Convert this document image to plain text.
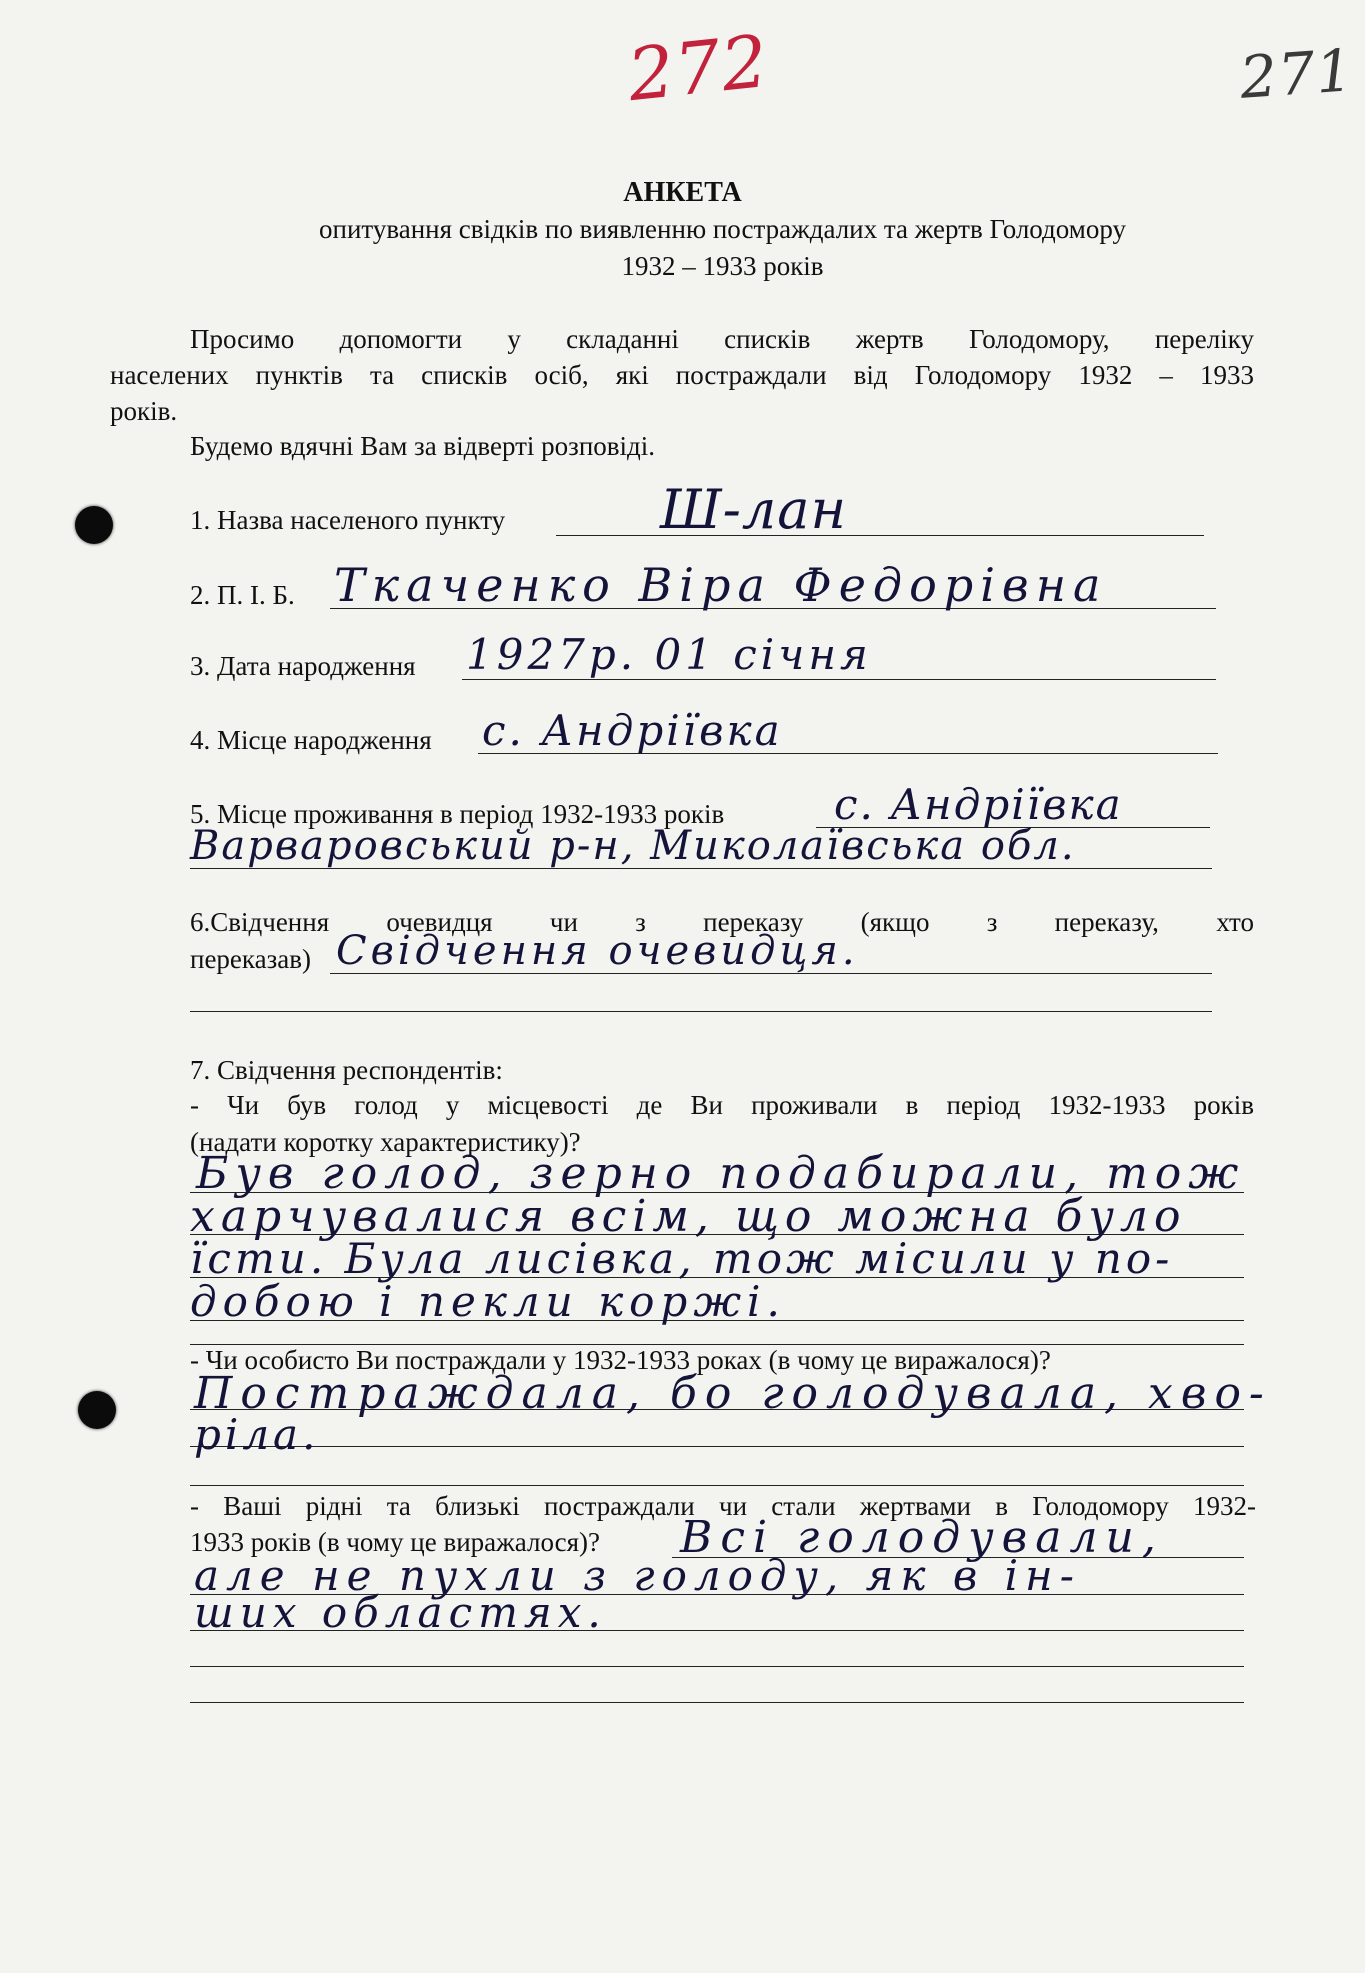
272	271
АНКЕТА
опитування свідків по виявленню постраждалих та жертв Голодомору
1932 – 1933 років
Просимо допомогти у складанні списків жертв Голодомору, переліку
населених пунктів та списків осіб, які постраждали від Голодомору 1932 – 1933
років.
Будемо вдячні Вам за відверті розповіді.
1. Назва населеного пункту	Ш-лан
2. П. І. Б. Ткаченко Віра Федорівна
3. Дата народження 1927р. 01 січня
4. Місце народження с. Андріївка
5. Місце проживання в період 1932-1933 років	с. Андріївка
Варваровський р-н, Миколаївська обл.
6.Свідчення очевидця чи з переказу (якщо з переказу, хто
переказав) Свідчення очевидця.
7. Свідчення респондентів:
- Чи був голод у місцевості де Ви проживали в період 1932-1933 років
(надати коротку характеристику)?
Був голод, зерно подабирали, тож
харчувалися всім, що можна було
їсти. Була лисівка, тож місили у по-
добою і пекли коржі.
- Чи особисто Ви постраждали у 1932-1933 роках (в чому це виражалося)?
Постраждала, бо голодувала, хво-
ріла.
- Ваші рідні та близькі постраждали чи стали жертвами в Голодомору 1932-
1933 років (в чому це виражалося)? Всі голодували,
але не пухли з голоду, як в ін-
ших областях.
